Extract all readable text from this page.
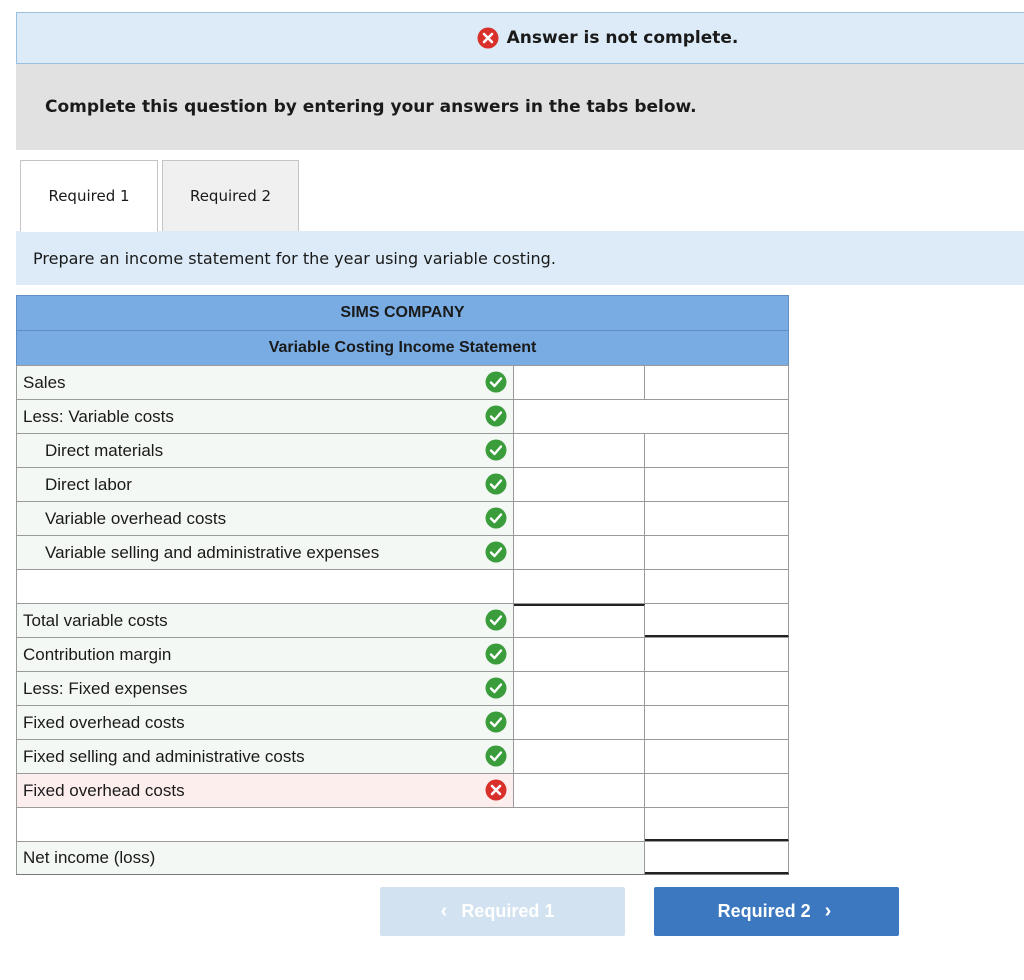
Answer is not complete.
Complete this question by entering your answers in the tabs below.
Required 1	Required 2
Prepare an income statement for the year using variable costing.
SIMS COMPANY
Variable Costing Income Statement
Sales
Less: Variable costs
Direct materials
Direct labor
Variable overhead costs
Variable selling and administrative expenses
Total variable costs
Contribution margin
Less: Fixed expenses
Fixed overhead costs
Fixed selling and administrative costs
Fixed overhead costs
Net income (loss)
‹ Required 1	Required 2 ›
